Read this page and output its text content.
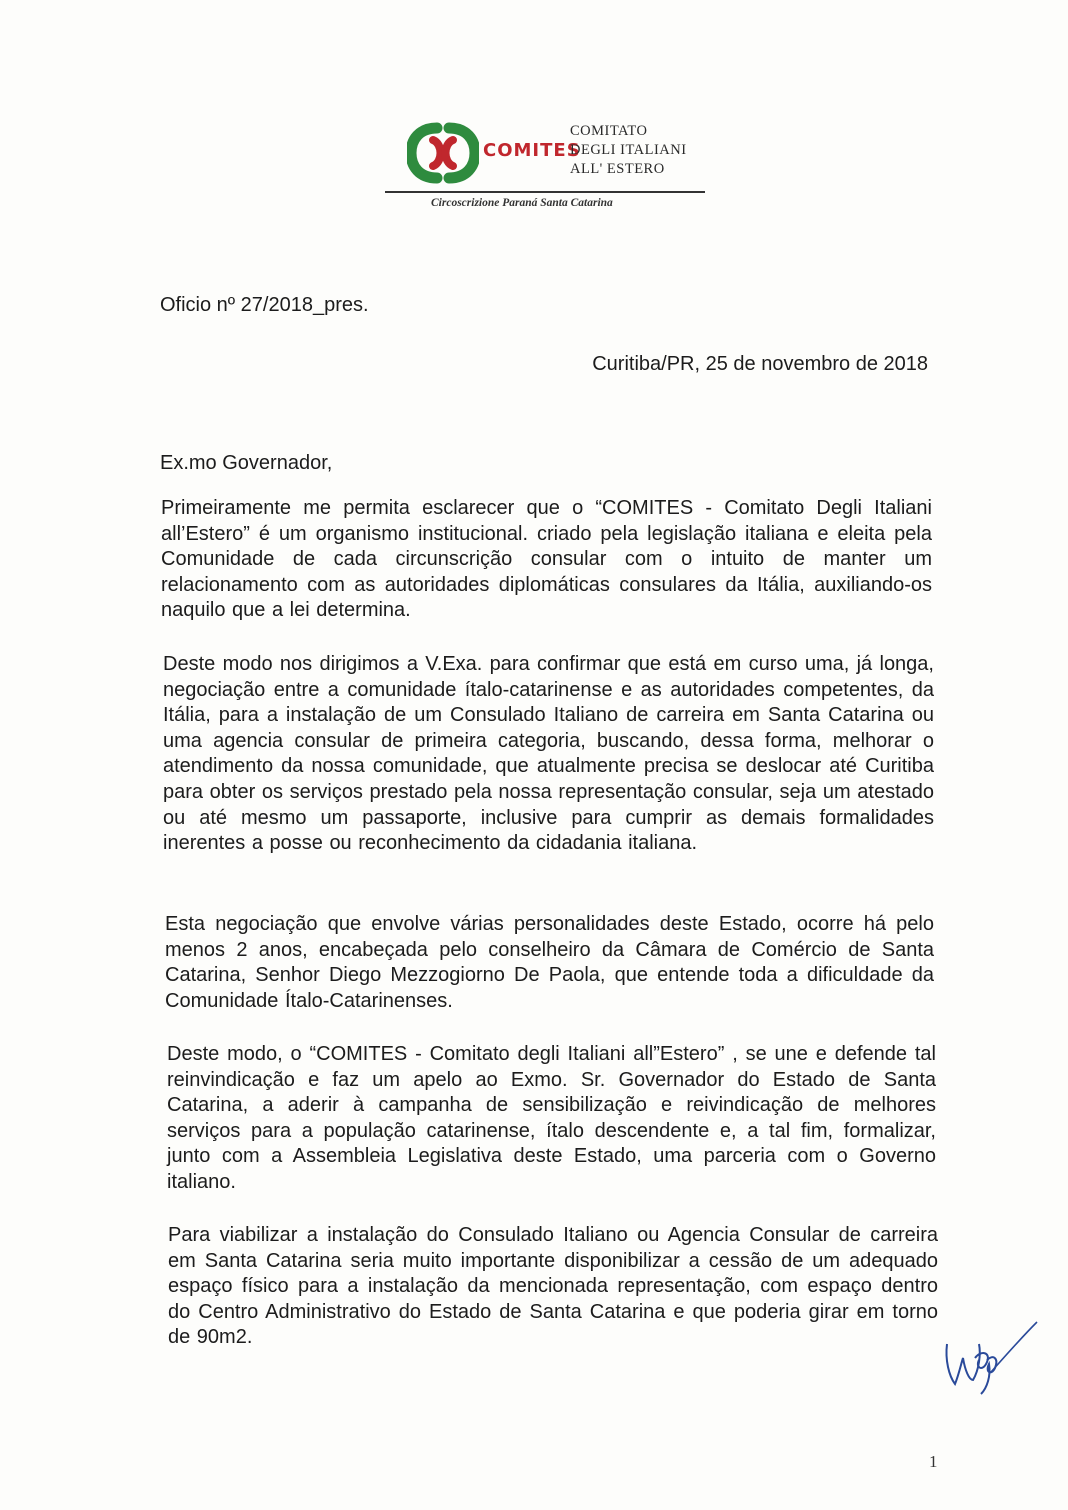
COMITES
COMITATO
DEGLI ITALIANI
ALL' ESTERO
Circoscrizione Paraná Santa Catarina
Oficio nº 27/2018_pres.
Curitiba/PR, 25 de novembro de 2018
Ex.mo Governador,
Primeiramente me permita esclarecer que o “COMITES - Comitato Degli Italiani all’Estero” é um organismo institucional. criado pela legislação italiana e eleita pela Comunidade de cada circunscrição consular com o intuito de manter um relacionamento com as autoridades diplomáticas consulares da Itália, auxiliando-os naquilo que a lei determina.
Deste modo nos dirigimos a V.Exa. para confirmar que está em curso uma, já longa, negociação entre a comunidade ítalo-catarinense e as autoridades competentes, da Itália, para a instalação de um Consulado Italiano de carreira em Santa Catarina ou uma agencia consular de primeira categoria, buscando, dessa forma, melhorar o atendimento da nossa comunidade, que atualmente precisa se deslocar até Curitiba para obter os serviços prestado pela nossa representação consular, seja um atestado ou até mesmo um passaporte, inclusive para cumprir as demais formalidades inerentes a posse ou reconhecimento da cidadania italiana.
Esta negociação que envolve várias personalidades deste Estado, ocorre há pelo menos 2 anos, encabeçada pelo conselheiro da Câmara de Comércio de Santa Catarina, Senhor Diego Mezzogiorno De Paola, que entende toda a dificuldade da Comunidade Ítalo-Catarinenses.
Deste modo, o “COMITES - Comitato degli Italiani all”Estero” , se une e defende tal reinvindicação e faz um apelo ao Exmo. Sr. Governador do Estado de Santa Catarina, a aderir à campanha de sensibilização e reivindicação de melhores serviços para a população catarinense, ítalo descendente e, a tal fim, formalizar, junto com a Assembleia Legislativa deste Estado, uma parceria com o Governo italiano.
Para viabilizar a instalação do Consulado Italiano ou Agencia Consular de carreira em Santa Catarina seria muito importante disponibilizar a cessão de um adequado espaço físico para a instalação da mencionada representação, com espaço dentro do Centro Administrativo do Estado de Santa Catarina e que poderia girar em torno de 90m2.
1
